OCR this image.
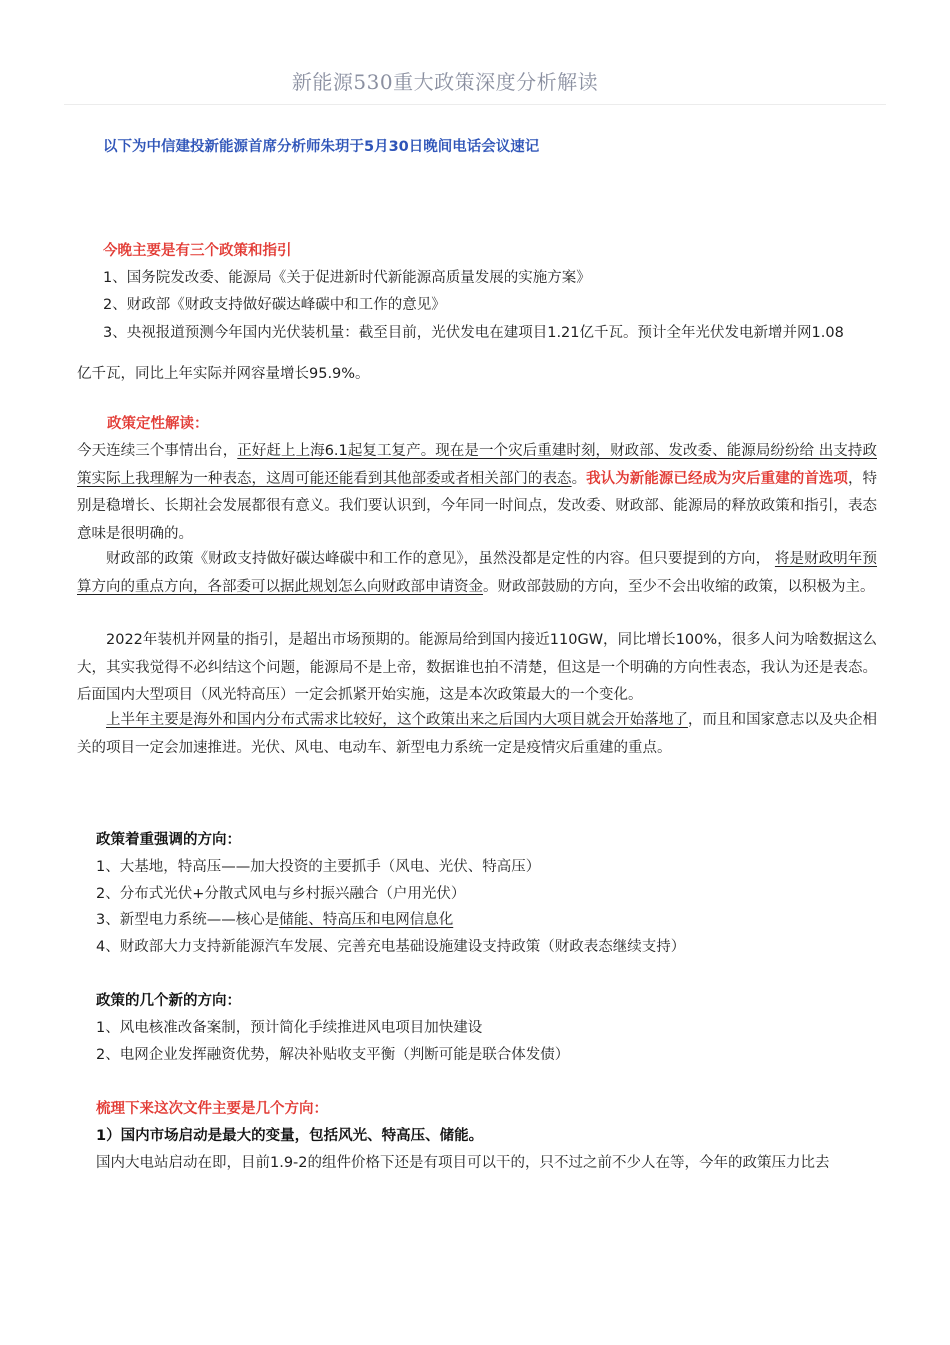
新能源530重大政策深度分析解读
以下为中信建投新能源首席分析师朱玥于5月30日晚间电话会议速记
今晚主要是有三个政策和指引
1、国务院发改委、能源局《关于促进新时代新能源高质量发展的实施方案》
2、财政部《财政支持做好碳达峰碳中和工作的意见》
3、央视报道预测今年国内光伏装机量：截至目前，光伏发电在建项目1.21亿千瓦。预计全年光伏发电新增并网1.08
亿千瓦，同比上年实际并网容量增长95.9%。
政策定性解读：
今天连续三个事情出台，正好赶上上海6.1起复工复产。现在是一个灾后重建时刻，财政部、发改委、能源局纷纷给 出支持政策实际上我理解为一种表态，这周可能还能看到其他部委或者相关部门的表态。我认为新能源已经成为灾后重建的首选项，特别是稳增长、长期社会发展都很有意义。我们要认识到，今年同一时间点，发改委、财政部、能源局的释放政策和指引，表态意味是很明确的。
财政部的政策《财政支持做好碳达峰碳中和工作的意见》，虽然没都是定性的内容。但只要提到的方向， 将是财政明年预算方向的重点方向，各部委可以据此规划怎么向财政部申请资金。财政部鼓励的方向，至少不会出收缩的政策，以积极为主。
2022年装机并网量的指引，是超出市场预期的。能源局给到国内接近110GW，同比增长100%，很多人问为啥数据这么大，其实我觉得不必纠结这个问题，能源局不是上帝，数据谁也拍不清楚，但这是一个明确的方向性表态，我认为还是表态。后面国内大型项目（风光特高压）一定会抓紧开始实施，这是本次政策最大的一个变化。
上半年主要是海外和国内分布式需求比较好，这个政策出来之后国内大项目就会开始落地了，而且和国家意志以及央企相关的项目一定会加速推进。光伏、风电、电动车、新型电力系统一定是疫情灾后重建的重点。
政策着重强调的方向：
1、大基地，特高压——加大投资的主要抓手（风电、光伏、特高压）
2、分布式光伏+分散式风电与乡村振兴融合（户用光伏）
3、新型电力系统——核心是储能、特高压和电网信息化
4、财政部大力支持新能源汽车发展、完善充电基础设施建设支持政策（财政表态继续支持）
政策的几个新的方向：
1、风电核准改备案制，预计简化手续推进风电项目加快建设
2、电网企业发挥融资优势，解决补贴收支平衡（判断可能是联合体发债）
梳理下来这次文件主要是几个方向：
1）国内市场启动是最大的变量，包括风光、特高压、储能。
国内大电站启动在即，目前1.9-2的组件价格下还是有项目可以干的，只不过之前不少人在等，今年的政策压力比去
